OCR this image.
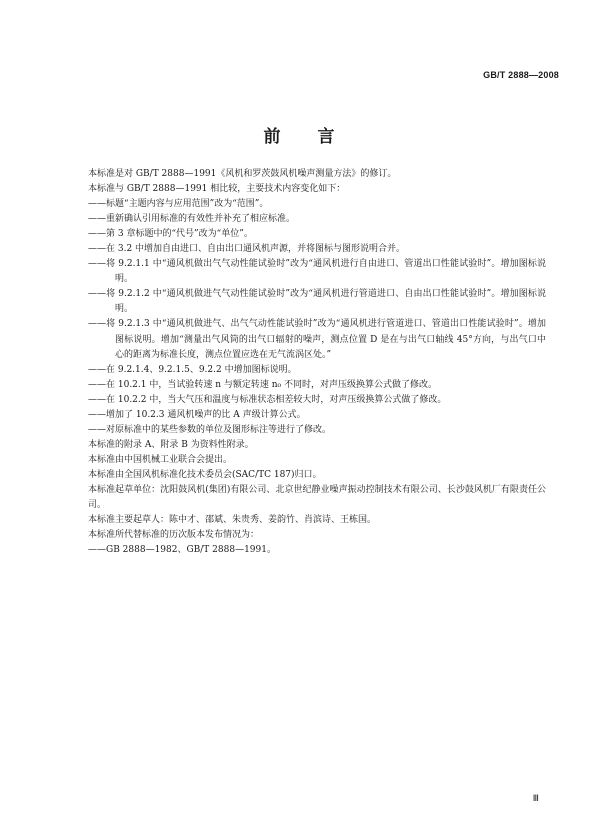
GB/T 2888—2008
前　　言

本标准是对 GB/T 2888—1991《风机和罗茨鼓风机噪声测量方法》的修订。

本标准与 GB/T 2888—1991 相比较，主要技术内容变化如下：

——标题“主题内容与应用范围”改为“范围”。

——重新确认引用标准的有效性并补充了相应标准。

——第 3 章标题中的“代号”改为“单位”。

——在 3.2 中增加自由进口、自由出口通风机声源，并将图标与图形说明合并。

——将 9.2.1.1 中“通风机做出气气动性能试验时”改为“通风机进行自由进口、管道出口性能试验时”。增加图标说明。

——将 9.2.1.2 中“通风机做进气气动性能试验时”改为“通风机进行管道进口、自由出口性能试验时”。增加图标说明。

——将 9.2.1.3 中“通风机做进气、出气气动性能试验时”改为“通风机进行管道进口、管道出口性能试验时”。增加图标说明。增加“测量出气风筒的出气口辐射的噪声，测点位置 D 是在与出气口轴线 45°方向，与出气口中心的距离为标准长度，测点位置应选在无气流涡区处。”

——在 9.2.1.4、9.2.1.5、9.2.2 中增加图标说明。

——在 10.2.1 中，当试验转速 n 与额定转速 n₀ 不同时，对声压级换算公式做了修改。

——在 10.2.2 中，当大气压和温度与标准状态相差较大时，对声压级换算公式做了修改。

——增加了 10.2.3 通风机噪声的比 A 声级计算公式。

——对原标准中的某些参数的单位及图形标注等进行了修改。

本标准的附录 A、附录 B 为资料性附录。

本标准由中国机械工业联合会提出。

本标准由全国风机标准化技术委员会(SAC/TC 187)归口。

本标准起草单位：沈阳鼓风机(集团)有限公司、北京世纪静业噪声振动控制技术有限公司、长沙鼓风机厂有限责任公司。

本标准主要起草人：陈中才、邵斌、朱贵秀、姜韵竹、肖滨诗、王栋国。

本标准所代替标准的历次版本发布情况为：

——GB 2888—1982、GB/T 2888—1991。

Ⅲ
